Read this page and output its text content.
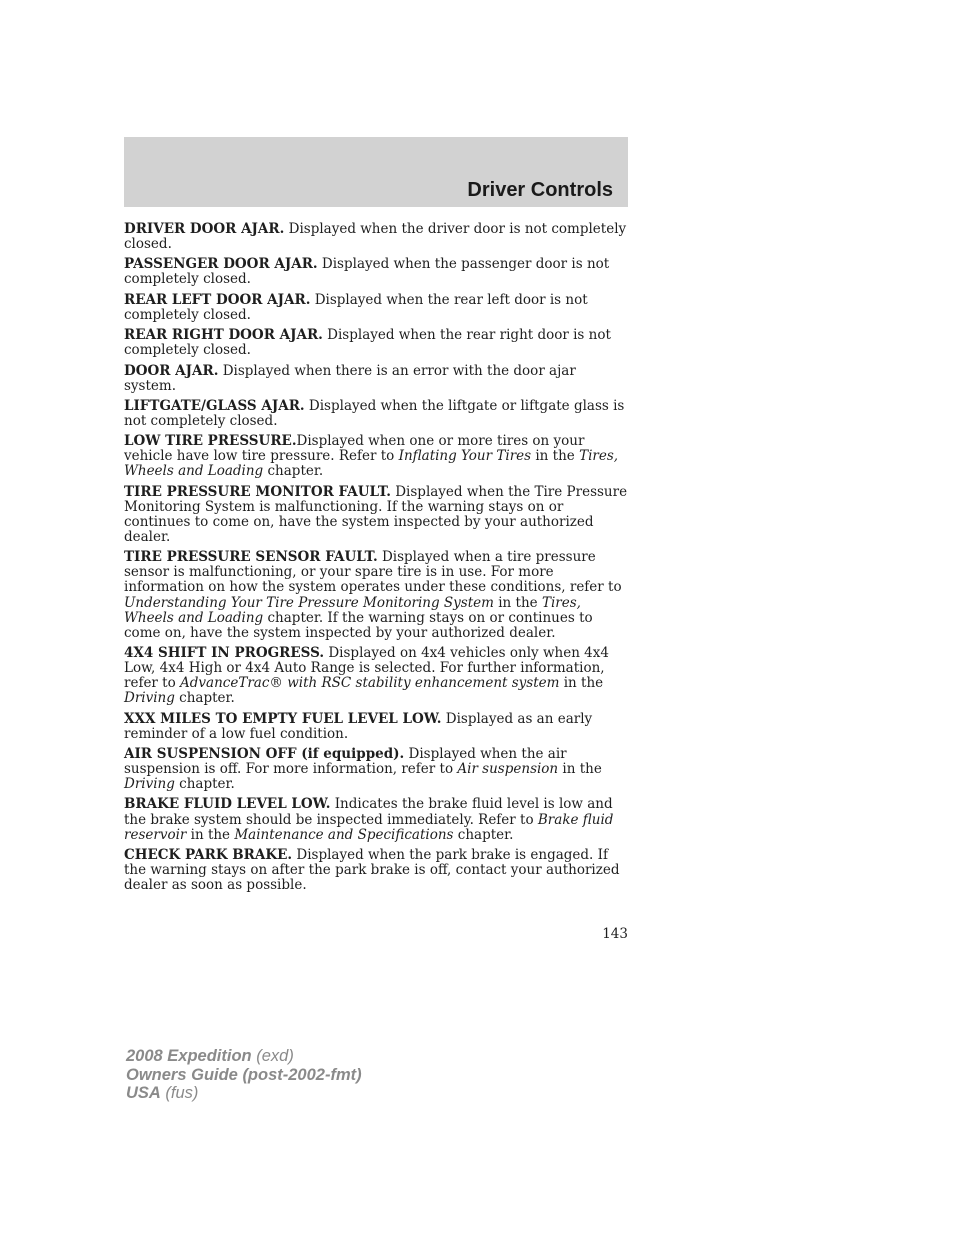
Driver Controls

DRIVER DOOR AJAR. Displayed when the driver door is not completely closed.

PASSENGER DOOR AJAR. Displayed when the passenger door is not completely closed.

REAR LEFT DOOR AJAR. Displayed when the rear left door is not completely closed.

REAR RIGHT DOOR AJAR. Displayed when the rear right door is not completely closed.

DOOR AJAR. Displayed when there is an error with the door ajar system.

LIFTGATE/GLASS AJAR. Displayed when the liftgate or liftgate glass is not completely closed.

LOW TIRE PRESSURE.Displayed when one or more tires on your vehicle have low tire pressure. Refer to Inflating Your Tires in the Tires, Wheels and Loading chapter.

TIRE PRESSURE MONITOR FAULT. Displayed when the Tire Pressure Monitoring System is malfunctioning. If the warning stays on or continues to come on, have the system inspected by your authorized dealer.

TIRE PRESSURE SENSOR FAULT. Displayed when a tire pressure sensor is malfunctioning, or your spare tire is in use. For more information on how the system operates under these conditions, refer to Understanding Your Tire Pressure Monitoring System in the Tires, Wheels and Loading chapter. If the warning stays on or continues to come on, have the system inspected by your authorized dealer.

4X4 SHIFT IN PROGRESS. Displayed on 4x4 vehicles only when 4x4 Low, 4x4 High or 4x4 Auto Range is selected. For further information, refer to AdvanceTrac® with RSC stability enhancement system in the Driving chapter.

XXX MILES TO EMPTY FUEL LEVEL LOW. Displayed as an early reminder of a low fuel condition.

AIR SUSPENSION OFF (if equipped). Displayed when the air suspension is off. For more information, refer to Air suspension in the Driving chapter.

BRAKE FLUID LEVEL LOW. Indicates the brake fluid level is low and the brake system should be inspected immediately. Refer to Brake fluid reservoir in the Maintenance and Specifications chapter.

CHECK PARK BRAKE. Displayed when the park brake is engaged. If the warning stays on after the park brake is off, contact your authorized dealer as soon as possible.

143
2008 Expedition (exd)
Owners Guide (post-2002-fmt)
USA (fus)
